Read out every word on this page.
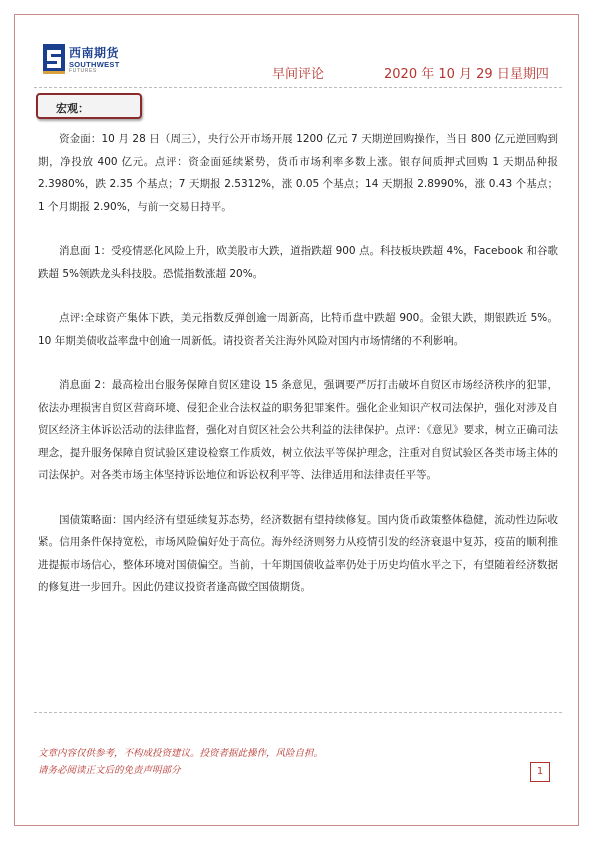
西南期货
SOUTHWEST
FUTURES	早间评论	2020 年 10 月 29 日星期四
宏观：

资金面：10 月 28 日（周三），央行公开市场开展 1200 亿元 7 天期逆回购操作，当日 800 亿元逆回购到期，净投放 400 亿元。点评：资金面延续紧势，货币市场利率多数上涨。银存间质押式回购 1 天期品种报 2.3980%，跌 2.35 个基点；7 天期报 2.5312%，涨 0.05 个基点；14 天期报 2.8990%，涨 0.43 个基点；1 个月期报 2.90%，与前一交易日持平。

消息面 1：受疫情恶化风险上升，欧美股市大跌，道指跌超 900 点。科技板块跌超 4%，Facebook 和谷歌跌超 5%领跌龙头科技股。恐慌指数涨超 20%。

点评:全球资产集体下跌，美元指数反弹创逾一周新高，比特币盘中跌超 900。金银大跌，期银跌近 5%。10 年期美债收益率盘中创逾一周新低。请投资者关注海外风险对国内市场情绪的不利影响。

消息面 2：最高检出台服务保障自贸区建设 15 条意见，强调要严厉打击破坏自贸区市场经济秩序的犯罪，依法办理损害自贸区营商环境、侵犯企业合法权益的职务犯罪案件。强化企业知识产权司法保护，强化对涉及自贸区经济主体诉讼活动的法律监督，强化对自贸区社会公共利益的法律保护。点评：《意见》要求，树立正确司法理念，提升服务保障自贸试验区建设检察工作质效，树立依法平等保护理念，注重对自贸试验区各类市场主体的司法保护。对各类市场主体坚持诉讼地位和诉讼权利平等、法律适用和法律责任平等。

国债策略面：国内经济有望延续复苏态势，经济数据有望持续修复。国内货币政策整体稳健，流动性边际收紧。信用条件保持宽松，市场风险偏好处于高位。海外经济则努力从疫情引发的经济衰退中复苏，疫苗的顺利推进提振市场信心，整体环境对国债偏空。当前，十年期国债收益率仍处于历史均值水平之下，有望随着经济数据的修复进一步回升。因此仍建议投资者逢高做空国债期货。

文章内容仅供参考，不构成投资建议。投资者据此操作，风险自担。
请务必阅读正文后的免责声明部分	1
